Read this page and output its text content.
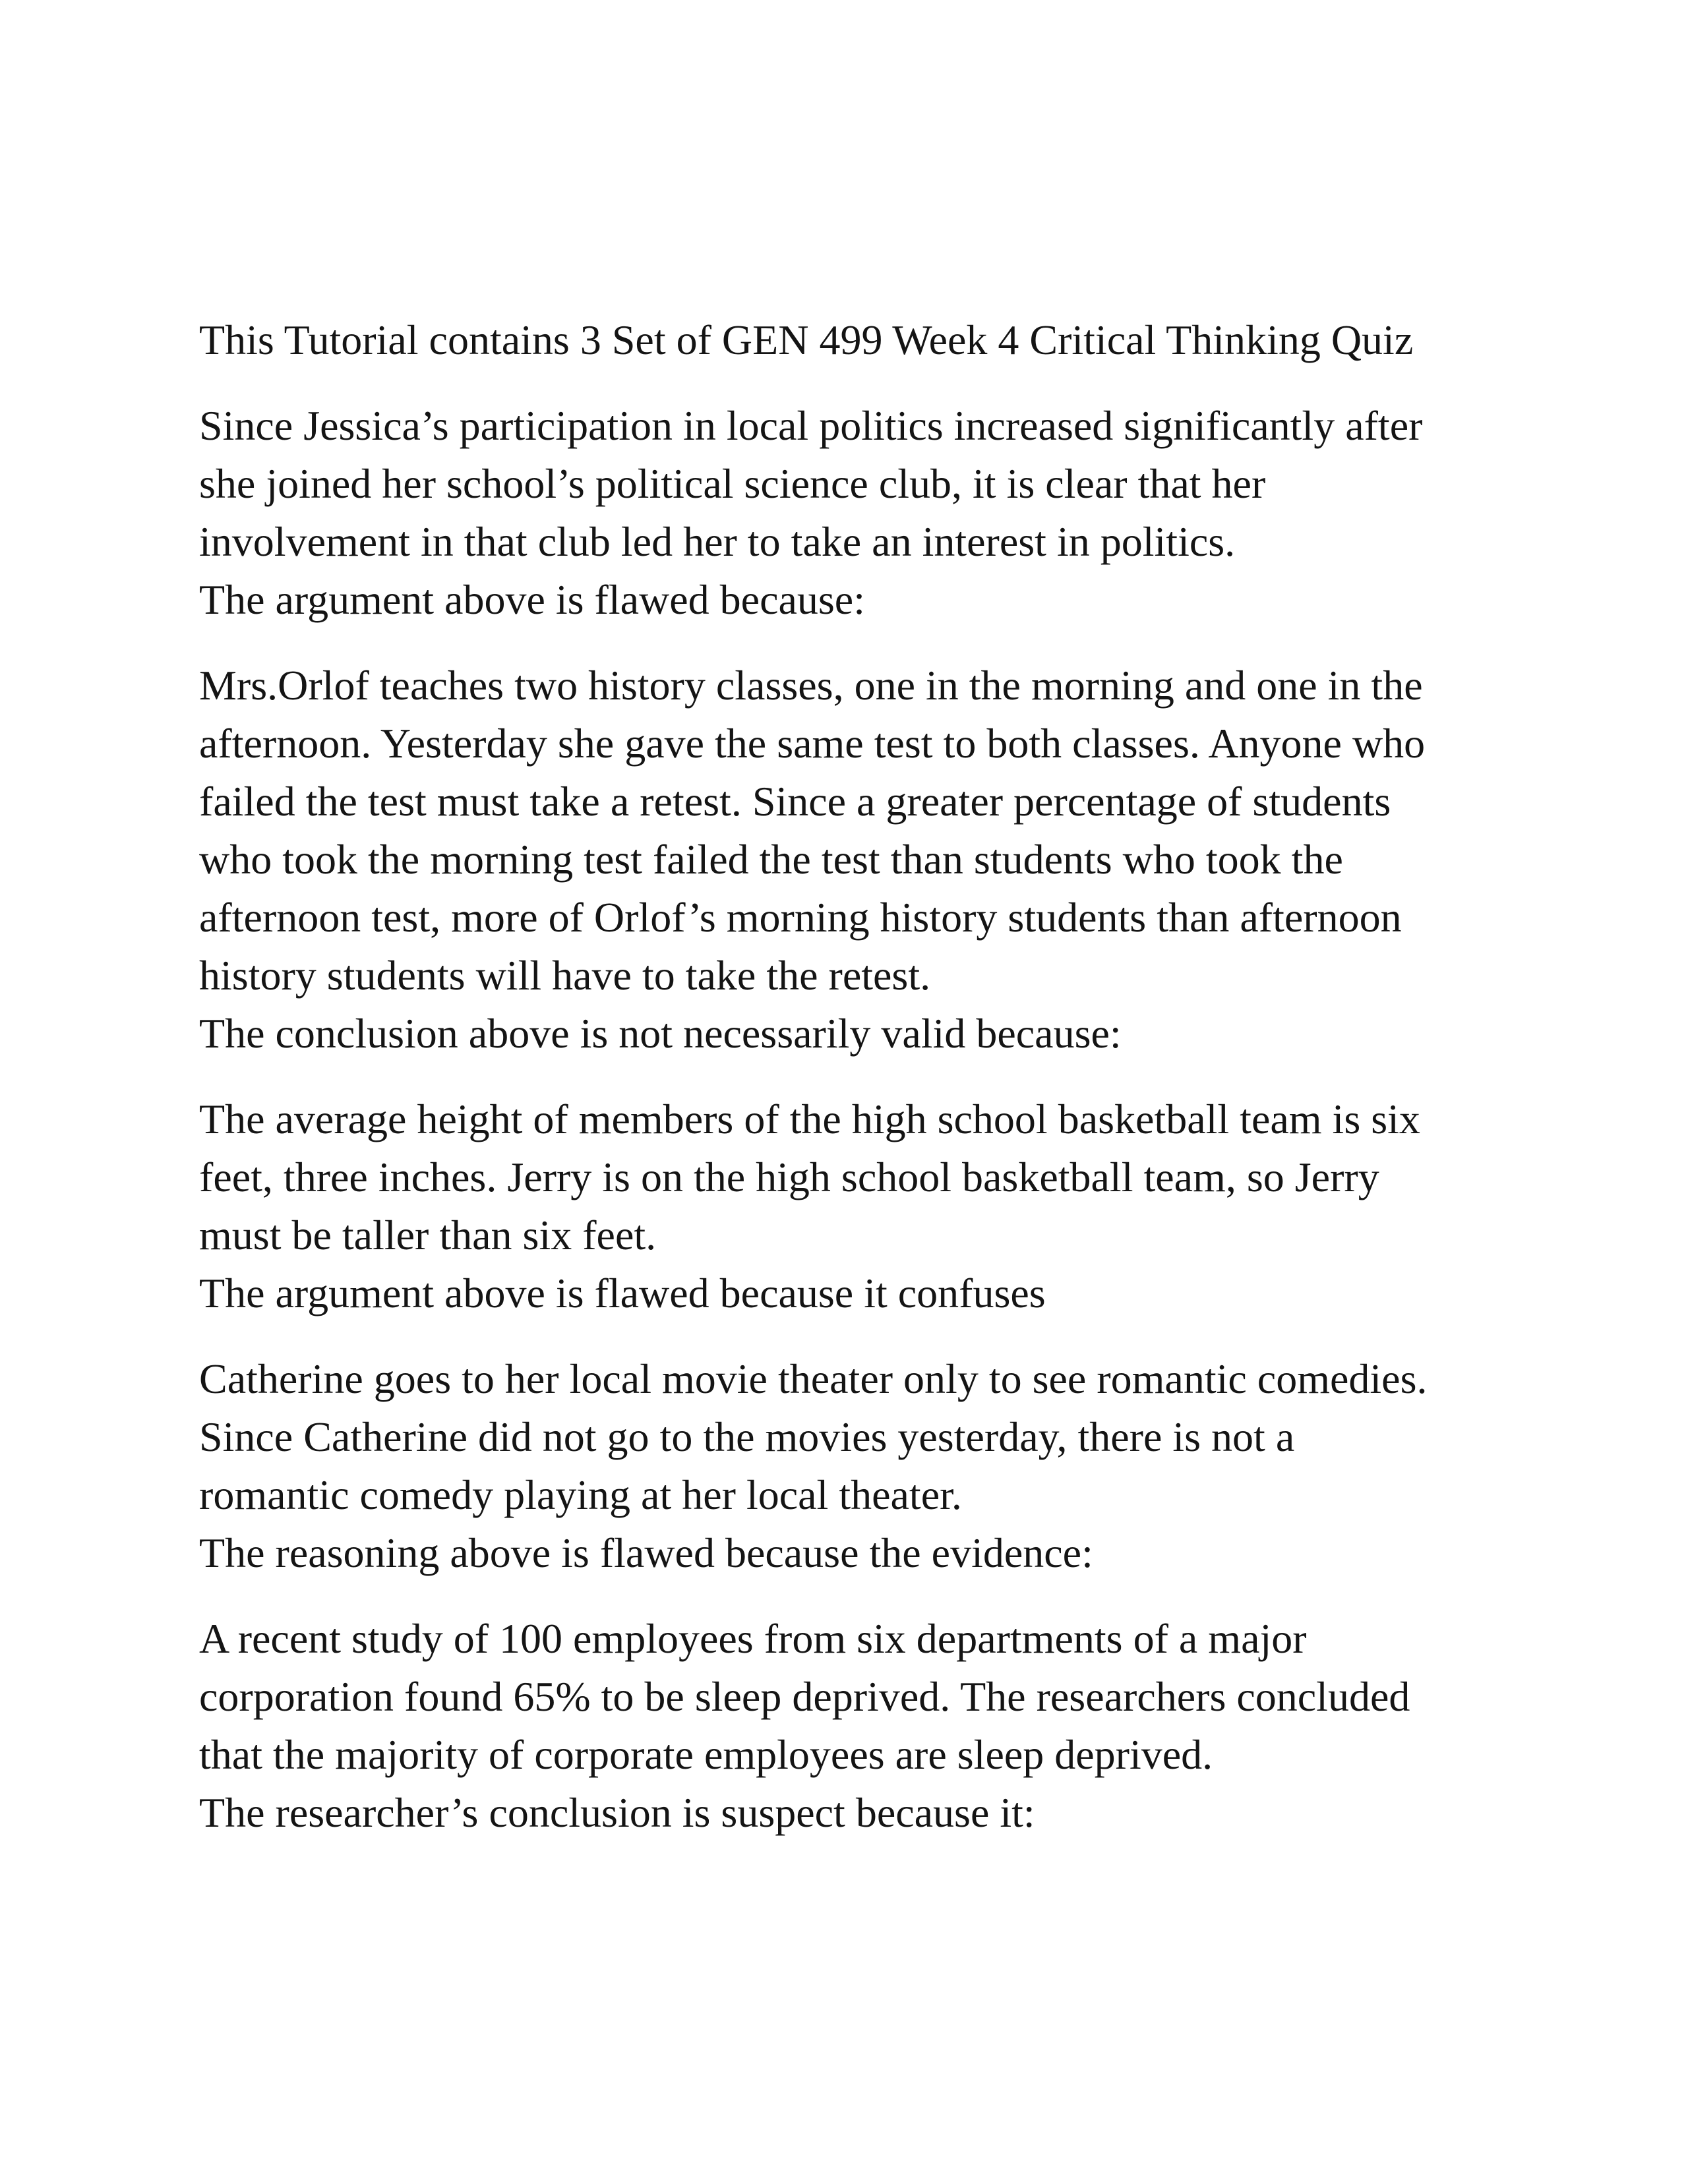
This Tutorial contains 3 Set of GEN 499 Week 4 Critical Thinking Quiz
Since Jessica’s participation in local politics increased significantly after
she joined her school’s political science club, it is clear that her
involvement in that club led her to take an interest in politics.
The argument above is flawed because:
Mrs.Orlof teaches two history classes, one in the morning and one in the
afternoon. Yesterday she gave the same test to both classes. Anyone who
failed the test must take a retest. Since a greater percentage of students
who took the morning test failed the test than students who took the
afternoon test, more of Orlof’s morning history students than afternoon
history students will have to take the retest.
The conclusion above is not necessarily valid because:
The average height of members of the high school basketball team is six
feet, three inches. Jerry is on the high school basketball team, so Jerry
must be taller than six feet.
The argument above is flawed because it confuses
Catherine goes to her local movie theater only to see romantic comedies.
Since Catherine did not go to the movies yesterday, there is not a
romantic comedy playing at her local theater.
The reasoning above is flawed because the evidence:
A recent study of 100 employees from six departments of a major
corporation found 65% to be sleep deprived. The researchers concluded
that the majority of corporate employees are sleep deprived.
The researcher’s conclusion is suspect because it:
